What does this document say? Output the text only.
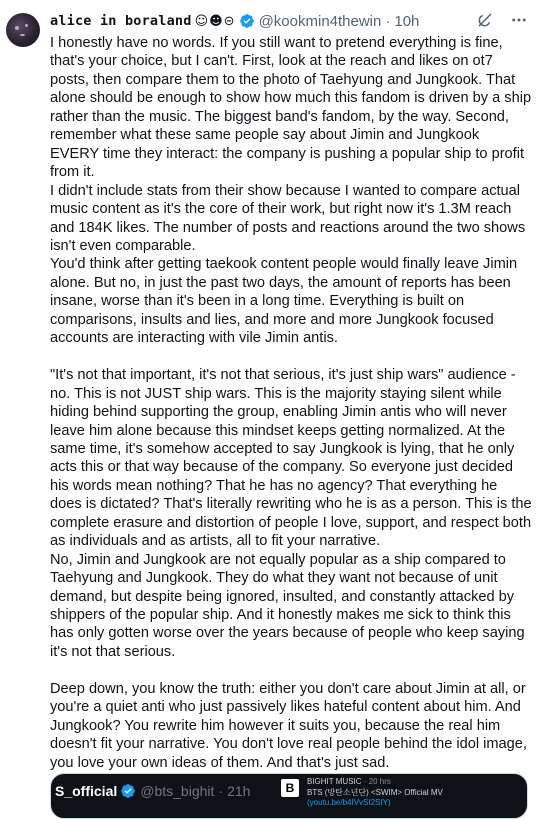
alice in boraland ☺☻⊝ @kookmin4thewin · 10h

I honestly have no words. If you still want to pretend everything is fine, that's your choice, but I can't. First, look at the reach and likes on ot7 posts, then compare them to the photo of Taehyung and Jungkook. That alone should be enough to show how much this fandom is driven by a ship rather than the music. The biggest band's fandom, by the way. Second, remember what these same people say about Jimin and Jungkook EVERY time they interact: the company is pushing a popular ship to profit from it.

I didn't include stats from their show because I wanted to compare actual music content as it's the core of their work, but right now it's 1.3M reach and 184K likes. The number of posts and reactions around the two shows isn't even comparable.

You'd think after getting taekook content people would finally leave Jimin alone. But no, in just the past two days, the amount of reports has been insane, worse than it's been in a long time. Everything is built on comparisons, insults and lies, and more and more Jungkook focused accounts are interacting with vile Jimin antis.

"It's not that important, it's not that serious, it's just ship wars" audience - no. This is not JUST ship wars. This is the majority staying silent while hiding behind supporting the group, enabling Jimin antis who will never leave him alone because this mindset keeps getting normalized. At the same time, it's somehow accepted to say Jungkook is lying, that he only acts this or that way because of the company. So everyone just decided his words mean nothing? That he has no agency? That everything he does is dictated? That's literally rewriting who he is as a person. This is the complete erasure and distortion of people I love, support, and respect both as individuals and as artists, all to fit your narrative.

No, Jimin and Jungkook are not equally popular as a ship compared to Taehyung and Jungkook. They do what they want not because of unit demand, but despite being ignored, insulted, and constantly attacked by shippers of the popular ship. And it honestly makes me sick to think this has only gotten worse over the years because of people who keep saying it's not that serious.

Deep down, you know the truth: either you don't care about Jimin at all, or you're a quiet anti who just passively likes hateful content about him. And Jungkook? You rewrite him however it suits you, because the real him doesn't fit your narrative. You don't love real people behind the idol image, you love your own ideas of them. And that's just sad.

S_official @bts_bighit · 21h	B	BIGHIT MUSIC · 20 hrs
BTS (방탄소년단) <SWIM> Official MV
(youtu.be/b4IVvSI2SIY)
